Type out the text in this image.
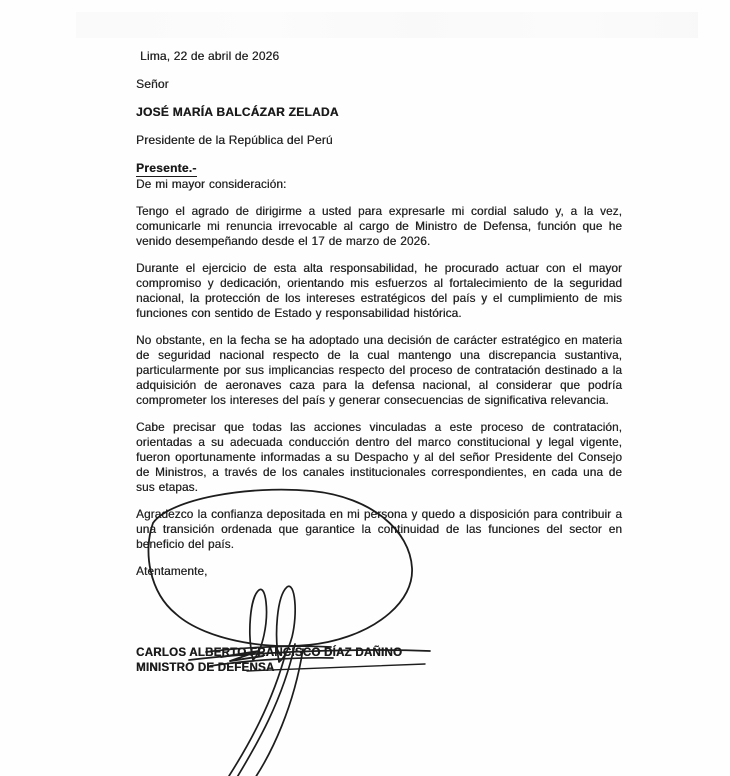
Lima, 22 de abril de 2026

Señor

JOSÉ MARÍA BALCÁZAR ZELADA

Presidente de la República del Perú

Presente.-

De mi mayor consideración:

Tengo el agrado de dirigirme a usted para expresarle mi cordial saludo y, a la vez, comunicarle mi renuncia irrevocable al cargo de Ministro de Defensa, función que he venido desempeñando desde el 17 de marzo de 2026.

Durante el ejercicio de esta alta responsabilidad, he procurado actuar con el mayor compromiso y dedicación, orientando mis esfuerzos al fortalecimiento de la seguridad nacional, la protección de los intereses estratégicos del país y el cumplimiento de mis funciones con sentido de Estado y responsabilidad histórica.

No obstante, en la fecha se ha adoptado una decisión de carácter estratégico en materia de seguridad nacional respecto de la cual mantengo una discrepancia sustantiva, particularmente por sus implicancias respecto del proceso de contratación destinado a la adquisición de aeronaves caza para la defensa nacional, al considerar que podría comprometer los intereses del país y generar consecuencias de significativa relevancia.

Cabe precisar que todas las acciones vinculadas a este proceso de contratación, orientadas a su adecuada conducción dentro del marco constitucional y legal vigente, fueron oportunamente informadas a su Despacho y al del señor Presidente del Consejo de Ministros, a través de los canales institucionales correspondientes, en cada una de sus etapas.

Agradezco la confianza depositada en mi persona y quedo a disposición para contribuir a una transición ordenada que garantice la continuidad de las funciones del sector en beneficio del país.

Atentamente,

CARLOS ALBERTO FRANCISCO DÍAZ DAÑINO
MINISTRO DE DEFENSA
